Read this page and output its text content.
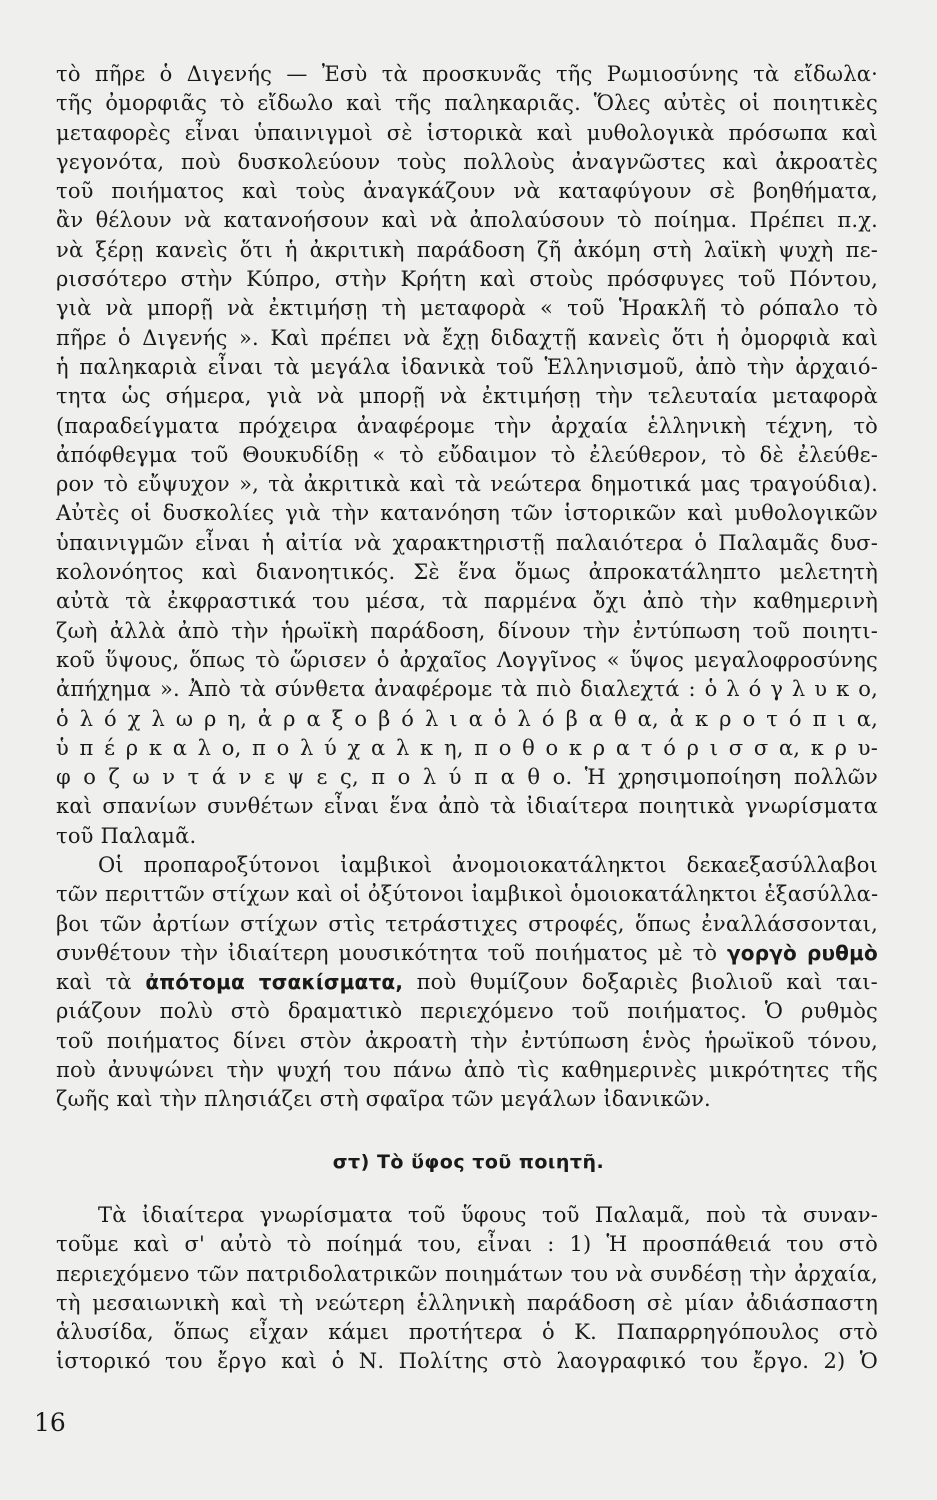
τὸ πῆρε ὁ Διγενής — Ἐσὺ τὰ προσκυνᾶς τῆς Ρωμιοσύνης τὰ εἴδωλα·
τῆς ὀμορφιᾶς τὸ εἴδωλο καὶ τῆς παληκαριᾶς. Ὅλες αὐτὲς οἱ ποιητικὲς
μεταφορὲς εἶναι ὑπαινιγμοὶ σὲ ἱστορικὰ καὶ μυθολογικὰ πρόσωπα καὶ
γεγονότα, ποὺ δυσκολεύουν τοὺς πολλοὺς ἀναγνῶστες καὶ ἀκροατὲς
τοῦ ποιήματος καὶ τοὺς ἀναγκάζουν νὰ καταφύγουν σὲ βοηθήματα,
ἂν θέλουν νὰ κατανοήσουν καὶ νὰ ἀπολαύσουν τὸ ποίημα. Πρέπει π.χ.
νὰ ξέρῃ κανεὶς ὅτι ἡ ἀκριτικὴ παράδοση ζῆ ἀκόμη στὴ λαϊκὴ ψυχὴ πε-
ρισσότερο στὴν Κύπρο, στὴν Κρήτη καὶ στοὺς πρόσφυγες τοῦ Πόντου,
γιὰ νὰ μπορῇ νὰ ἐκτιμήσῃ τὴ μεταφορὰ « τοῦ Ἡρακλῆ τὸ ρόπαλο τὸ
πῆρε ὁ Διγενής ». Καὶ πρέπει νὰ ἔχῃ διδαχτῇ κανεὶς ὅτι ἡ ὀμορφιὰ καὶ
ἡ παληκαριὰ εἶναι τὰ μεγάλα ἰδανικὰ τοῦ Ἑλληνισμοῦ, ἀπὸ τὴν ἀρχαιό-
τητα ὡς σήμερα, γιὰ νὰ μπορῇ νὰ ἐκτιμήσῃ τὴν τελευταία μεταφορὰ
(παραδείγματα πρόχειρα ἀναφέρομε τὴν ἀρχαία ἑλληνικὴ τέχνη, τὸ
ἀπόφθεγμα τοῦ Θουκυδίδῃ « τὸ εὔδαιμον τὸ ἐλεύθερον, τὸ δὲ ἐλεύθε-
ρον τὸ εὔψυχον », τὰ ἀκριτικὰ καὶ τὰ νεώτερα δημοτικά μας τραγούδια).
Αὐτὲς οἱ δυσκολίες γιὰ τὴν κατανόηση τῶν ἱστορικῶν καὶ μυθολογικῶν
ὑπαινιγμῶν εἶναι ἡ αἰτία νὰ χαρακτηριστῇ παλαιότερα ὁ Παλαμᾶς δυσ-
κολονόητος καὶ διανοητικός. Σὲ ἕνα ὅμως ἀπροκατάληπτο μελετητὴ
αὐτὰ τὰ ἐκφραστικά του μέσα, τὰ παρμένα ὄχι ἀπὸ τὴν καθημερινὴ
ζωὴ ἀλλὰ ἀπὸ τὴν ἡρωϊκὴ παράδοση, δίνουν τὴν ἐντύπωση τοῦ ποιητι-
κοῦ ὕψους, ὅπως τὸ ὥρισεν ὁ ἀρχαῖος Λογγῖνος « ὕψος μεγαλοφροσύνης
ἀπήχημα ». Ἀπὸ τὰ σύνθετα ἀναφέρομε τὰ πιὸ διαλεχτά : ὁ λ ό γ λ υ κ ο,
ὁ λ ό χ λ ω ρ η, ἀ ρ α ξ ο β ό λ ι α ὁ λ ό β α θ α, ἀ κ ρ ο τ ό π ι α,
ὑ π έ ρ κ α λ ο, π ο λ ύ χ α λ κ η, π ο θ ο κ ρ α τ ό ρ ι σ σ α, κ ρ υ-
φ ο ζ ω ν τ ά ν ε ψ ε ς, π ο λ ύ π α θ ο. Ἡ χρησιμοποίηση πολλῶν
καὶ σπανίων συνθέτων εἶναι ἕνα ἀπὸ τὰ ἰδιαίτερα ποιητικὰ γνωρίσματα
τοῦ Παλαμᾶ.
Οἱ προπαροξύτονοι ἰαμβικοὶ ἀνομοιοκατάληκτοι δεκαεξασύλλαβοι
τῶν περιττῶν στίχων καὶ οἱ ὀξύτονοι ἰαμβικοὶ ὁμοιοκατάληκτοι ἑξασύλλα-
βοι τῶν ἀρτίων στίχων στὶς τετράστιχες στροφές, ὅπως ἐναλλάσσονται,
συνθέτουν τὴν ἰδιαίτερη μουσικότητα τοῦ ποιήματος μὲ τὸ γοργὸ ρυθμὸ
καὶ τὰ ἀπότομα τσακίσματα, ποὺ θυμίζουν δοξαριὲς βιολιοῦ καὶ ται-
ριάζουν πολὺ στὸ δραματικὸ περιεχόμενο τοῦ ποιήματος. Ὁ ρυθμὸς
τοῦ ποιήματος δίνει στὸν ἀκροατὴ τὴν ἐντύπωση ἑνὸς ἡρωϊκοῦ τόνου,
ποὺ ἀνυψώνει τὴν ψυχή του πάνω ἀπὸ τὶς καθημερινὲς μικρότητες τῆς
ζωῆς καὶ τὴν πλησιάζει στὴ σφαῖρα τῶν μεγάλων ἰδανικῶν.
στ) Τὸ ὕφος τοῦ ποιητῆ.
Τὰ ἰδιαίτερα γνωρίσματα τοῦ ὕφους τοῦ Παλαμᾶ, ποὺ τὰ συναν-
τοῦμε καὶ σ' αὐτὸ τὸ ποίημά του, εἶναι : 1) Ἡ προσπάθειά του στὸ
περιεχόμενο τῶν πατριδολατρικῶν ποιημάτων του νὰ συνδέσῃ τὴν ἀρχαία,
τὴ μεσαιωνικὴ καὶ τὴ νεώτερη ἑλληνικὴ παράδοση σὲ μίαν ἀδιάσπαστη
ἁλυσίδα, ὅπως εἶχαν κάμει προτήτερα ὁ Κ. Παπαρρηγόπουλος στὸ
ἱστορικό του ἔργο καὶ ὁ Ν. Πολίτης στὸ λαογραφικό του ἔργο. 2) Ὁ
16
